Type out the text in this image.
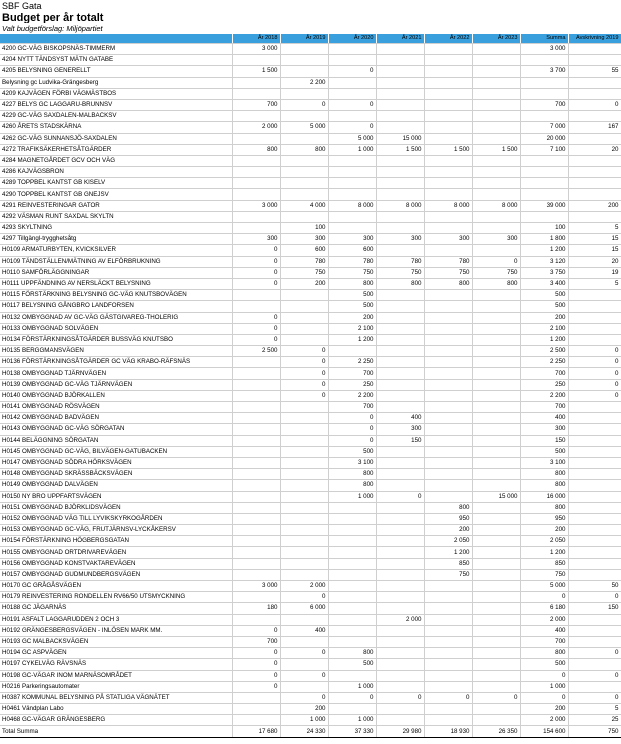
SBF Gata								
Budget per år totalt								
Valt budgetförslag: Miljöpartiet								
	År 2018	År 2019	År 2020	År 2021	År 2022	År 2023	Summa	Avskrivning 2019
4200 GC-VÄG BISKOPSNÄS-TIMMERM	3 000						3 000	
4204 NYTT TÄNDSYST MÄTN GATABE								
4205 BELYSNING GENERELLT	1 500		0				3 700	55
Belysning gc Ludvika-Grängesberg		2 200						
4209 KAJVÄGEN FÖRBI VÄGMÄSTBOS								
4227 BELYS GC LAGGARU-BRUNNSV	700	0	0				700	0
4229 GC-VÄG SAXDALEN-MALBACKSV								
4260 ÅRETS STADSKÄRNA	2 000	5 000	0				7 000	167
4262 GC-VÄG SUNNANSJÖ-SAXDALEN			5 000	15 000			20 000	
4272 TRAFIKSÄKERHETSÅTGÄRDER	800	800	1 000	1 500	1 500	1 500	7 100	20
4284 MAGNETGÅRDET GCV OCH VÄG								
4286 KAJVÄGSBRON								
4289 TOPPBEL KANTST GB KISELV								
4290 TOPPBEL KANTST GB GNEJSV								
4291 REINVESTERINGAR GATOR	3 000	4 000	8 000	8 000	8 000	8 000	39 000	200
4292 VÄSMAN RUNT SAXDAL SKYLTN								
4293 SKYLTNING		100					100	5
4297 Tillgängl-trygghetsåtg	300	300	300	300	300	300	1 800	15
H0109 ARMATURBYTEN, KVICKSILVER	0	600	600				1 200	15
H0109 TÄNDSTÄLLEN/MÄTNING AV ELFÖRBRUKNING	0	780	780	780	780	0	3 120	20
H0110 SAMFÖRLÄGGNINGAR	0	750	750	750	750	750	3 750	19
H0111 UPPFÄNDNING AV NERSLÄCKT BELYSNING	0	200	800	800	800	800	3 400	5
H0115 FÖRSTÄRKNING BELYSNING GC-VÄG KNUTSBOVÄGEN			500				500	
H0117 BELYSNING GÅNGBRO LANDFORSEN			500				500	
H0132 OMBYGGNAD AV GC-VÄG GÄSTGIVAREG-THOLERIG	0		200				200	
H0133 OMBYGGNAD SOLVÄGEN	0		2 100				2 100	
H0134 FÖRSTÄRKNINGSÅTGÄRDER BUSSVÄG KNUTSBO	0		1 200				1 200	
H0135 BERGGMANSVÄGEN	2 500	0					2 500	0
H0136 FÖRSTÄRKNINGSÅTGÄRDER GC VÄG KRABO-RÄFSNÄS		0	2 250				2 250	0
H0138 OMBYGGNAD TJÄRNVÄGEN		0	700				700	0
H0139 OMBYGGNAD GC-VÄG TJÄRNVÄGEN		0	250				250	0
H0140 OMBYGGNAD BJÖRKALLEN		0	2 200				2 200	0
H0141 OMBYGGNAD RÖSVÄGEN			700				700	
H0142 OMBYGGNAD BADVÄGEN			0	400			400	
H0143 OMBYGGNAD GC-VÄG SÖRGATAN			0	300			300	
H0144 BELÄGGNING SÖRGATAN			0	150			150	
H0145 OMBYGGNAD GC-VÄG, BILVÄGEN-GATUBACKEN			500				500	
H0147 OMBYGGNAD SÖDRA HÖRKSVÄGEN			3 100				3 100	
H0148 OMBYGGNAD SKRÄSSBÄCKSVÄGEN			800				800	
H0149 OMBYGGNAD DALVÄGEN			800				800	
H0150 NY BRO UPPFARTSVÄGEN			1 000	0		15 000	16 000	
H0151 OMBYGGNAD BJÖRKLIDSVÄGEN					800		800	
H0152 OMBYGGNAD VÄG TILL LYVIKSKYRKOGÅRDEN					950		950	
H0153 OMBYGGNAD GC-VÄG, FRUTJÄRNSV-LYCKÅKERSV					200		200	
H0154 FÖRSTÄRKNING HÖGBERGSGATAN					2 050		2 050	
H0155 OMBYGGNAD ORTDRIVAREVÄGEN					1 200		1 200	
H0156 OMBYGGNAD KONSTVAKTAREVÄGEN					850		850	
H0157 OMBYGGNAD GUDMUNDBERGSVÄGEN					750		750	
H0170 GC GRÅGÅSVÄGEN	3 000	2 000					5 000	50
H0179 REINVESTERING RONDELLEN RV66/50 UTSMYCKNING		0					0	0
H0188 GC JÄGARNÄS	180	6 000					6 180	150
H0191 ASFALT LAGGARUDDEN 2 OCH 3				2 000			2 000	
H0192 GRÄNGESBERGSVÄGEN - INLÖSEN MARK MM.	0	400					400	
H0193 GC MALBACKSVÄGEN	700						700	
H0194 GC ASPVÄGEN	0	0	800				800	0
H0197 CYKELVÄG RÄVSNÄS	0		500				500	
H0198 GC-VÄGAR INOM MARNÄSOMRÅDET	0	0					0	0
H0216 Parkeringsautomater	0		1 000				1 000	
H0387 KOMMUNAL BELYSNING PÅ STATLIGA VÄGNÄTET		0	0	0	0	0	0	0
H0461 Vändplan Labo		200					200	5
H0468 GC-VÄGAR GRÄNGESBERG		1 000	1 000				2 000	25
Total Summa	17 680	24 330	37 330	29 980	18 930	26 350	154 600	750
